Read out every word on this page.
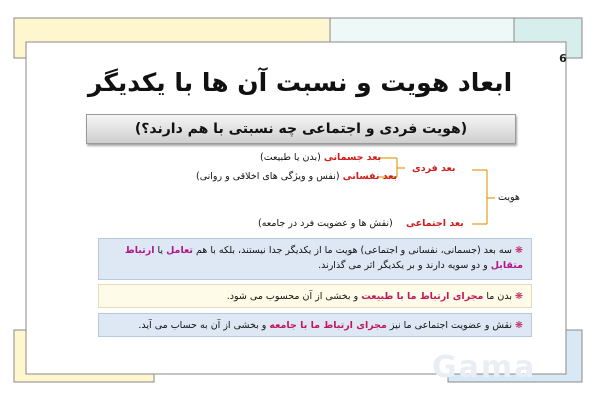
6
ابعاد هویت و نسبت آن ها با یکدیگر
(هویت فردی و اجتماعی چه نسبتی با هم دارند؟)
هویت
بعد فردی
بعد اجتماعی
بعد جسمانی (بدن یا طبیعت)
بعد نفسانی (نفس و ویژگی های اخلاقی و روانی)
(نقش ها و عضویت فرد در جامعه)
❋ سه بعد (جسمانی، نفسانی و اجتماعی) هویت ما از یکدیگر جدا نیستند، بلکه با هم تعامل یا ارتباط متقابل و دو سویه دارند و بر یکدیگر اثر می گذارند.
❋ بدن ما مجرای ارتباط ما با طبیعت و بخشی از آن محسوب می شود.
❋ نقش و عضویت اجتماعی ما نیز مجرای ارتباط ما با جامعه و بخشی از آن به حساب می آید.
Gama
